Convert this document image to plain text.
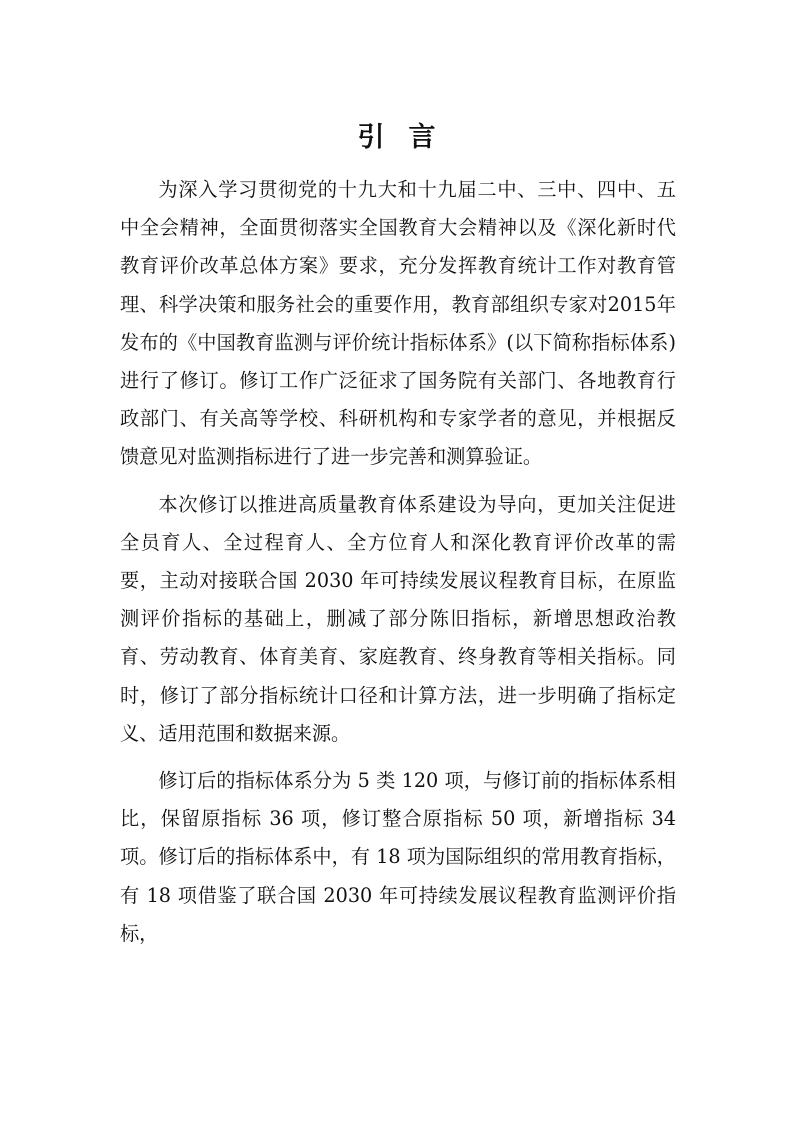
引言

为深入学习贯彻党的十九大和十九届二中、三中、四中、五中全会精神，全面贯彻落实全国教育大会精神以及《深化新时代教育评价改革总体方案》要求，充分发挥教育统计工作对教育管理、科学决策和服务社会的重要作用，教育部组织专家对2015年发布的《中国教育监测与评价统计指标体系》(以下简称指标体系)进行了修订。修订工作广泛征求了国务院有关部门、各地教育行政部门、有关高等学校、科研机构和专家学者的意见，并根据反馈意见对监测指标进行了进一步完善和测算验证。

本次修订以推进高质量教育体系建设为导向，更加关注促进全员育人、全过程育人、全方位育人和深化教育评价改革的需要，主动对接联合国 2030 年可持续发展议程教育目标，在原监测评价指标的基础上，删减了部分陈旧指标，新增思想政治教育、劳动教育、体育美育、家庭教育、终身教育等相关指标。同时，修订了部分指标统计口径和计算方法，进一步明确了指标定义、适用范围和数据来源。

修订后的指标体系分为 5 类 120 项，与修订前的指标体系相比，保留原指标 36 项，修订整合原指标 50 项，新增指标 34 项。修订后的指标体系中，有 18 项为国际组织的常用教育指标，有 18 项借鉴了联合国 2030 年可持续发展议程教育监测评价指标，
